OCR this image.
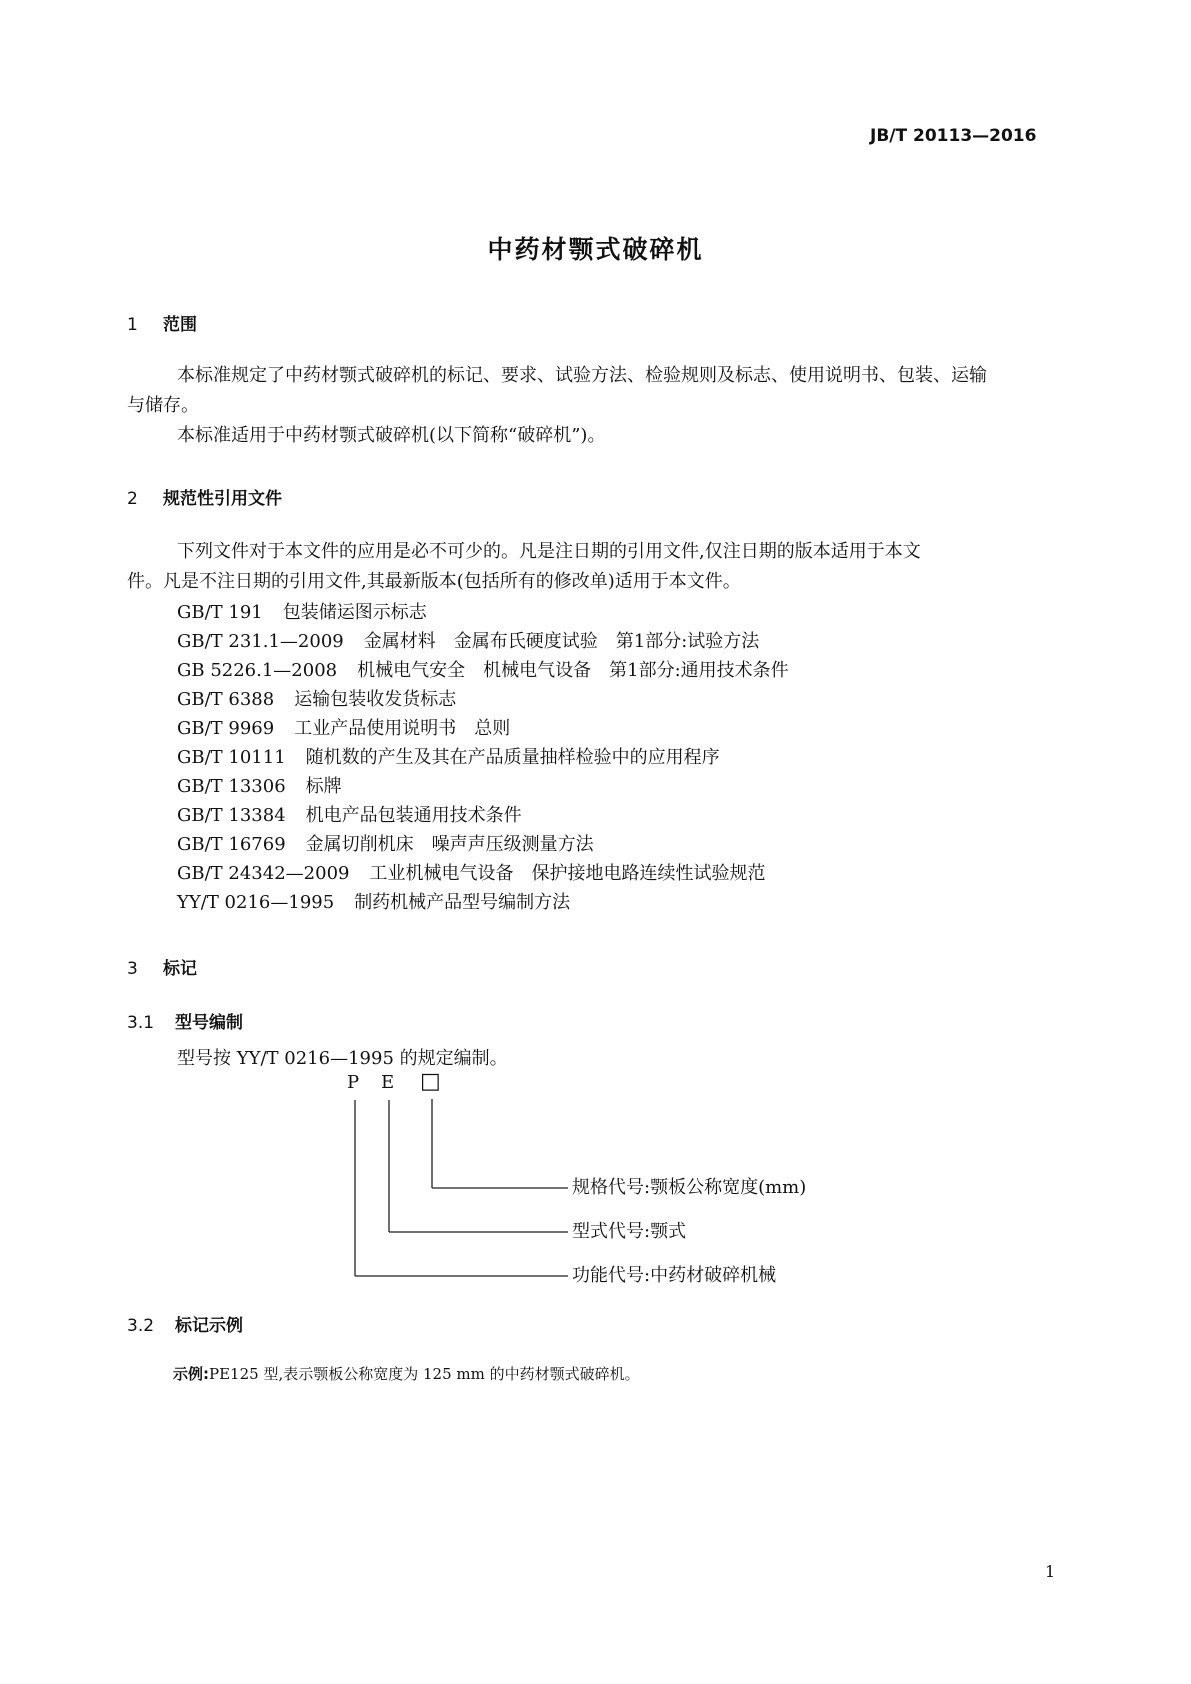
JB/T 20113—2016
中药材颚式破碎机
1 范围
本标准规定了中药材颚式破碎机的标记、要求、试验方法、检验规则及标志、使用说明书、包装、运输
与储存。
本标准适用于中药材颚式破碎机(以下简称“破碎机”)。
2 规范性引用文件
下列文件对于本文件的应用是必不可少的。凡是注日期的引用文件,仅注日期的版本适用于本文
件。凡是不注日期的引用文件,其最新版本(包括所有的修改单)适用于本文件。
GB/T 191 包装储运图示标志
GB/T 231.1—2009 金属材料　金属布氏硬度试验　第1部分:试验方法
GB 5226.1—2008 机械电气安全　机械电气设备　第1部分:通用技术条件
GB/T 6388 运输包装收发货标志
GB/T 9969 工业产品使用说明书　总则
GB/T 10111 随机数的产生及其在产品质量抽样检验中的应用程序
GB/T 13306 标牌
GB/T 13384 机电产品包装通用技术条件
GB/T 16769 金属切削机床　噪声声压级测量方法
GB/T 24342—2009 工业机械电气设备　保护接地电路连续性试验规范
YY/T 0216—1995 制药机械产品型号编制方法
3 标记
3.1 型号编制
型号按 YY/T 0216—1995 的规定编制。
P E □
规格代号:颚板公称宽度(mm)
型式代号:颚式
功能代号:中药材破碎机械
3.2 标记示例
示例:PE125 型,表示颚板公称宽度为 125 mm 的中药材颚式破碎机。
1
